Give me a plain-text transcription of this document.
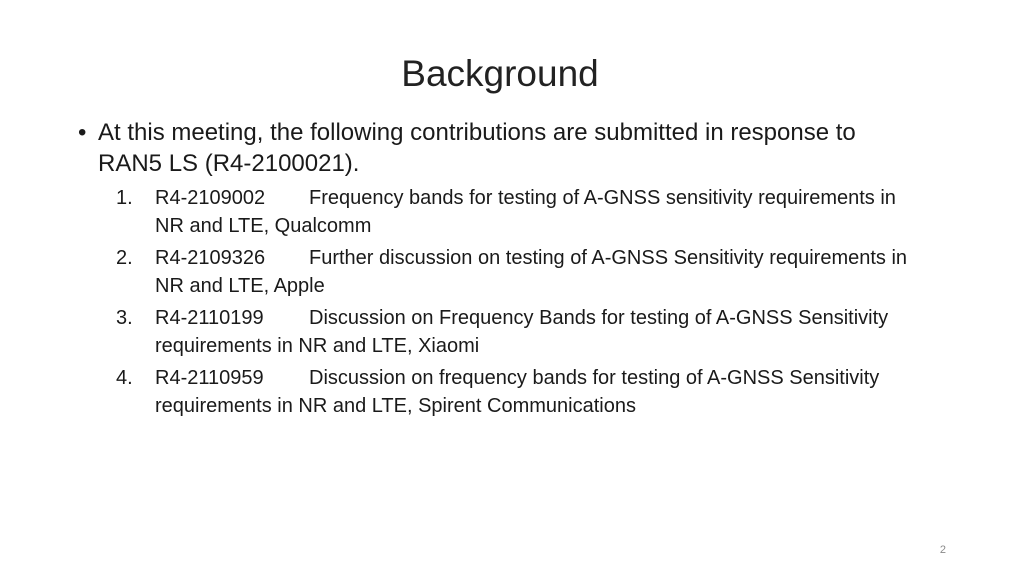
Background
• At this meeting, the following contributions are submitted in response to RAN5 LS (R4-2100021).
1. R4-2109002 Frequency bands for testing of A-GNSS sensitivity requirements in NR and LTE, Qualcomm
2. R4-2109326 Further discussion on testing of A-GNSS Sensitivity requirements in NR and LTE, Apple
3. R4-2110199 Discussion on Frequency Bands for testing of A-GNSS Sensitivity requirements in NR and LTE, Xiaomi
4. R4-2110959 Discussion on frequency bands for testing of A-GNSS Sensitivity requirements in NR and LTE, Spirent Communications
2
